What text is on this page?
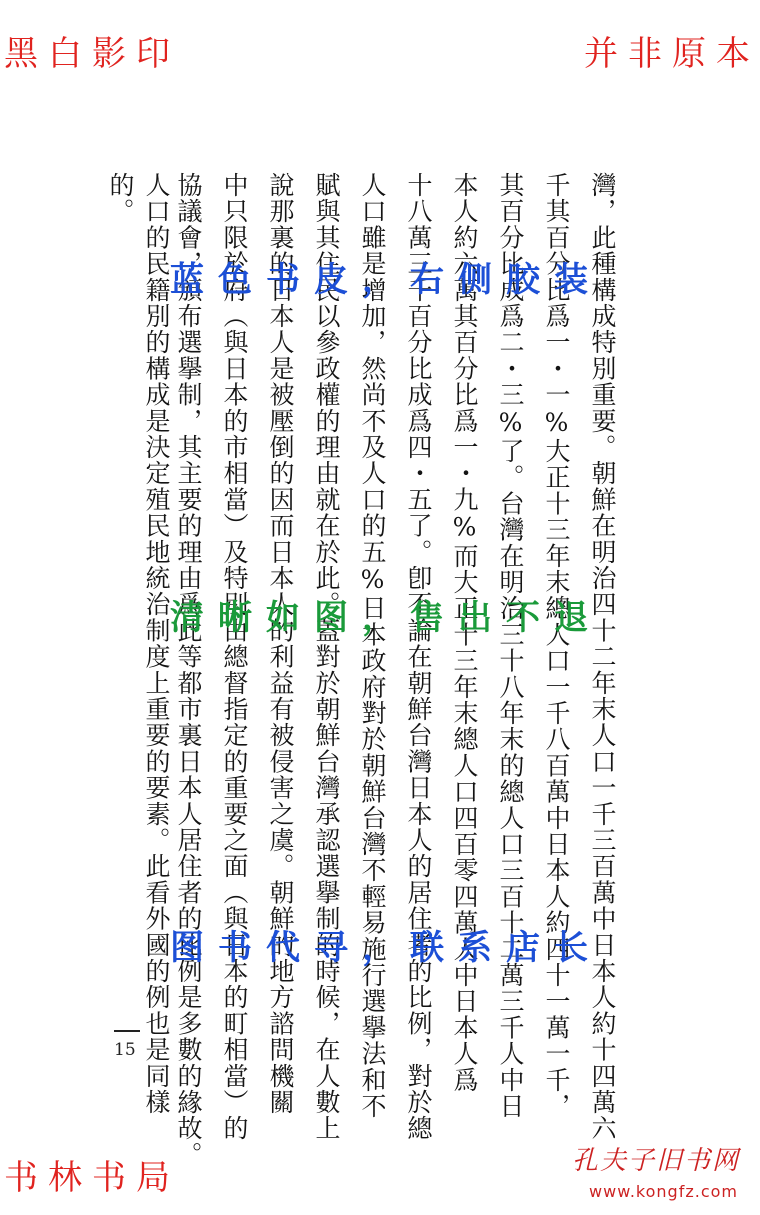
黑白影印	并非原本
灣，此種構成特別重要。朝鮮在明治四十二年末人口一千三百萬中日本人約十四萬六
千其百分比爲一・一%大正十三年末總人口一千八百萬中日本人約四十一萬一千，
其百分比成爲二・三%了。台灣在明治三十八年末的總人口三百十二萬三千人中日
本人約六萬其百分比爲一・九%而大正十三年末總人口四百零四萬人中日本人爲
十八萬三千百分比成爲四・五了。卽不論在朝鮮台灣日本人的居住者的比例，對於總
人口雖是增加，然尚不及人口的五%日本政府對於朝鮮台灣不輕易施行選擧法和不
賦與其住民以參政權的理由就在於此。蓋對於朝鮮台灣承認選擧制的時候，在人數上
說那裏的日本人是被壓倒的因而日本人的利益有被侵害之虞。朝鮮的地方諮問機關
中只限於府（與日本的市相當）及特別由總督指定的重要之面（與日本的町相當）的
協議會，頒布選擧制，其主要的理由爲此等都市裏日本人居住者的比例是多數的緣故。
人口的民籍別的構成是決定殖民地統治制度上重要的要素。此看外國的例也是同樣
的。
蓝色书皮，右侧胶装
清晰如图，售出不退
图书代寻，联系店长
15
书林书局	孔夫子旧书网
www.kongfz.com
